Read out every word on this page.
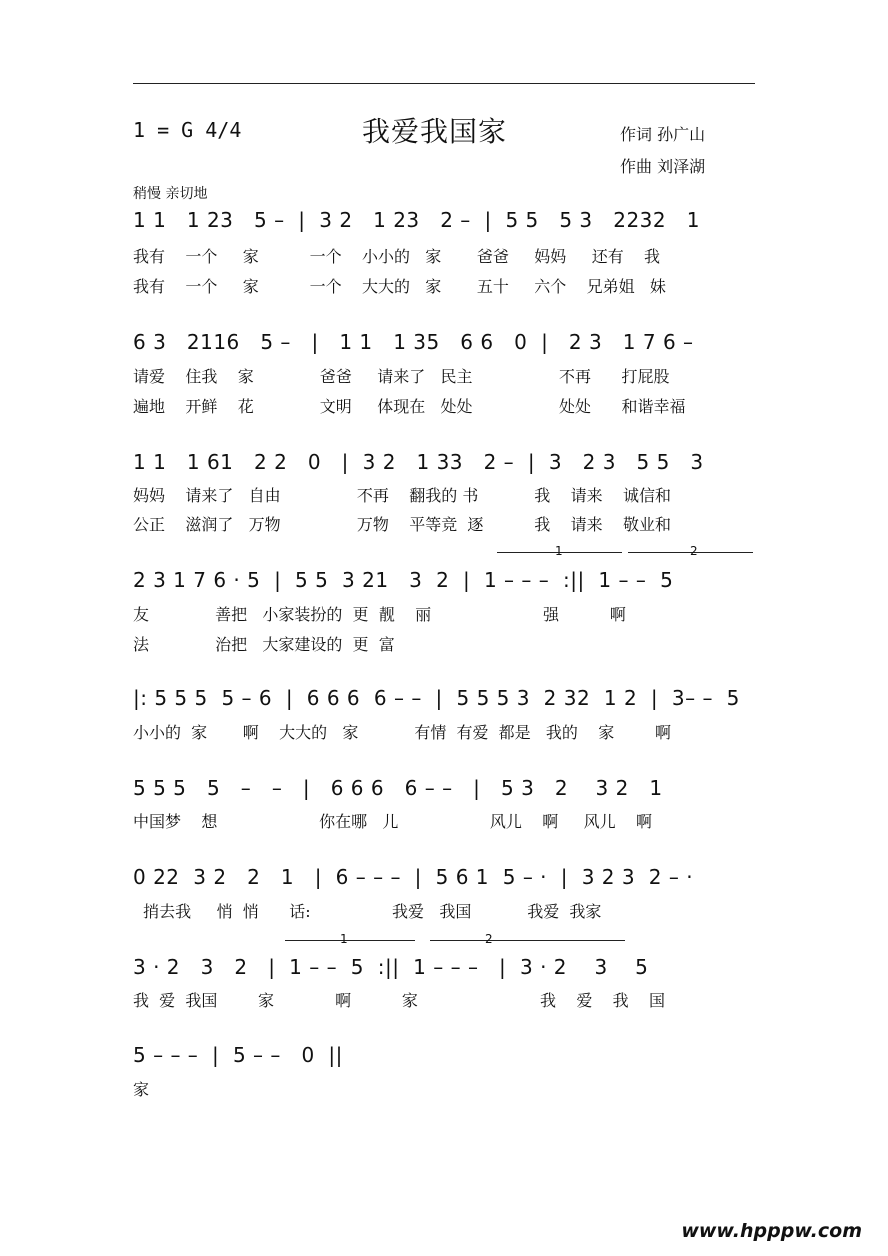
1 = G 4/4	我爱我国家	作词 孙广山
作曲 刘泽湖
稍慢 亲切地
1 1   1 23   5 –  |  3 2   1 23   2 –  |  5 5   5 3   2232   1
我有    一个     家          一个    小小的   家       爸爸     妈妈     还有    我
我有    一个     家          一个    大大的   家       五十     六个    兄弟姐   妹
6 3   2116   5 –   |   1 1   1 35   6 6   0  |   2 3   1 7 6 –
请爱    住我    家             爸爸     请来了   民主                 不再      打屁股
遍地    开鲜    花             文明     体现在   处处                 处处      和谐幸福
1 1   1 61   2 2   0   |  3 2   1 33   2 –  |  3   2 3   5 5   3
妈妈    请来了   自由               不再    翻我的 书           我    请来    诚信和
公正    滋润了   万物               万物    平等竞  逐          我    请来    敬业和
1	2
2 3 1 7 6 · 5  |  5 5  3 21   3  2  |  1 – – –  :||  1 – –  5
友             善把   小家装扮的  更  靓    丽                      强          啊
法             治把   大家建设的  更  富
|: 5 5 5  5 – 6  |  6 6 6  6 – –  |  5 5 5 3  2 32  1 2  |  3– –  5
小小的  家       啊    大大的   家           有情  有爱  都是   我的    家        啊
5 5 5   5   –   –   |   6 6 6   6 – –   |   5 3   2    3 2   1
中国梦    想                    你在哪   儿                  风儿    啊     风儿    啊
0 22  3 2   2   1   |  6 – – –  |  5 6 1  5 – ·  |  3 2 3  2 – ·
捎去我     悄  悄      话:                我爱   我国           我爱  我家
1	2
3 · 2   3   2   |  1 – –  5  :||  1 – – –   |  3 · 2    3    5
我  爱  我国        家            啊          家                        我    爱    我    国
5 – – –  |  5 – –   0  ||
家
www.hpppw.com
